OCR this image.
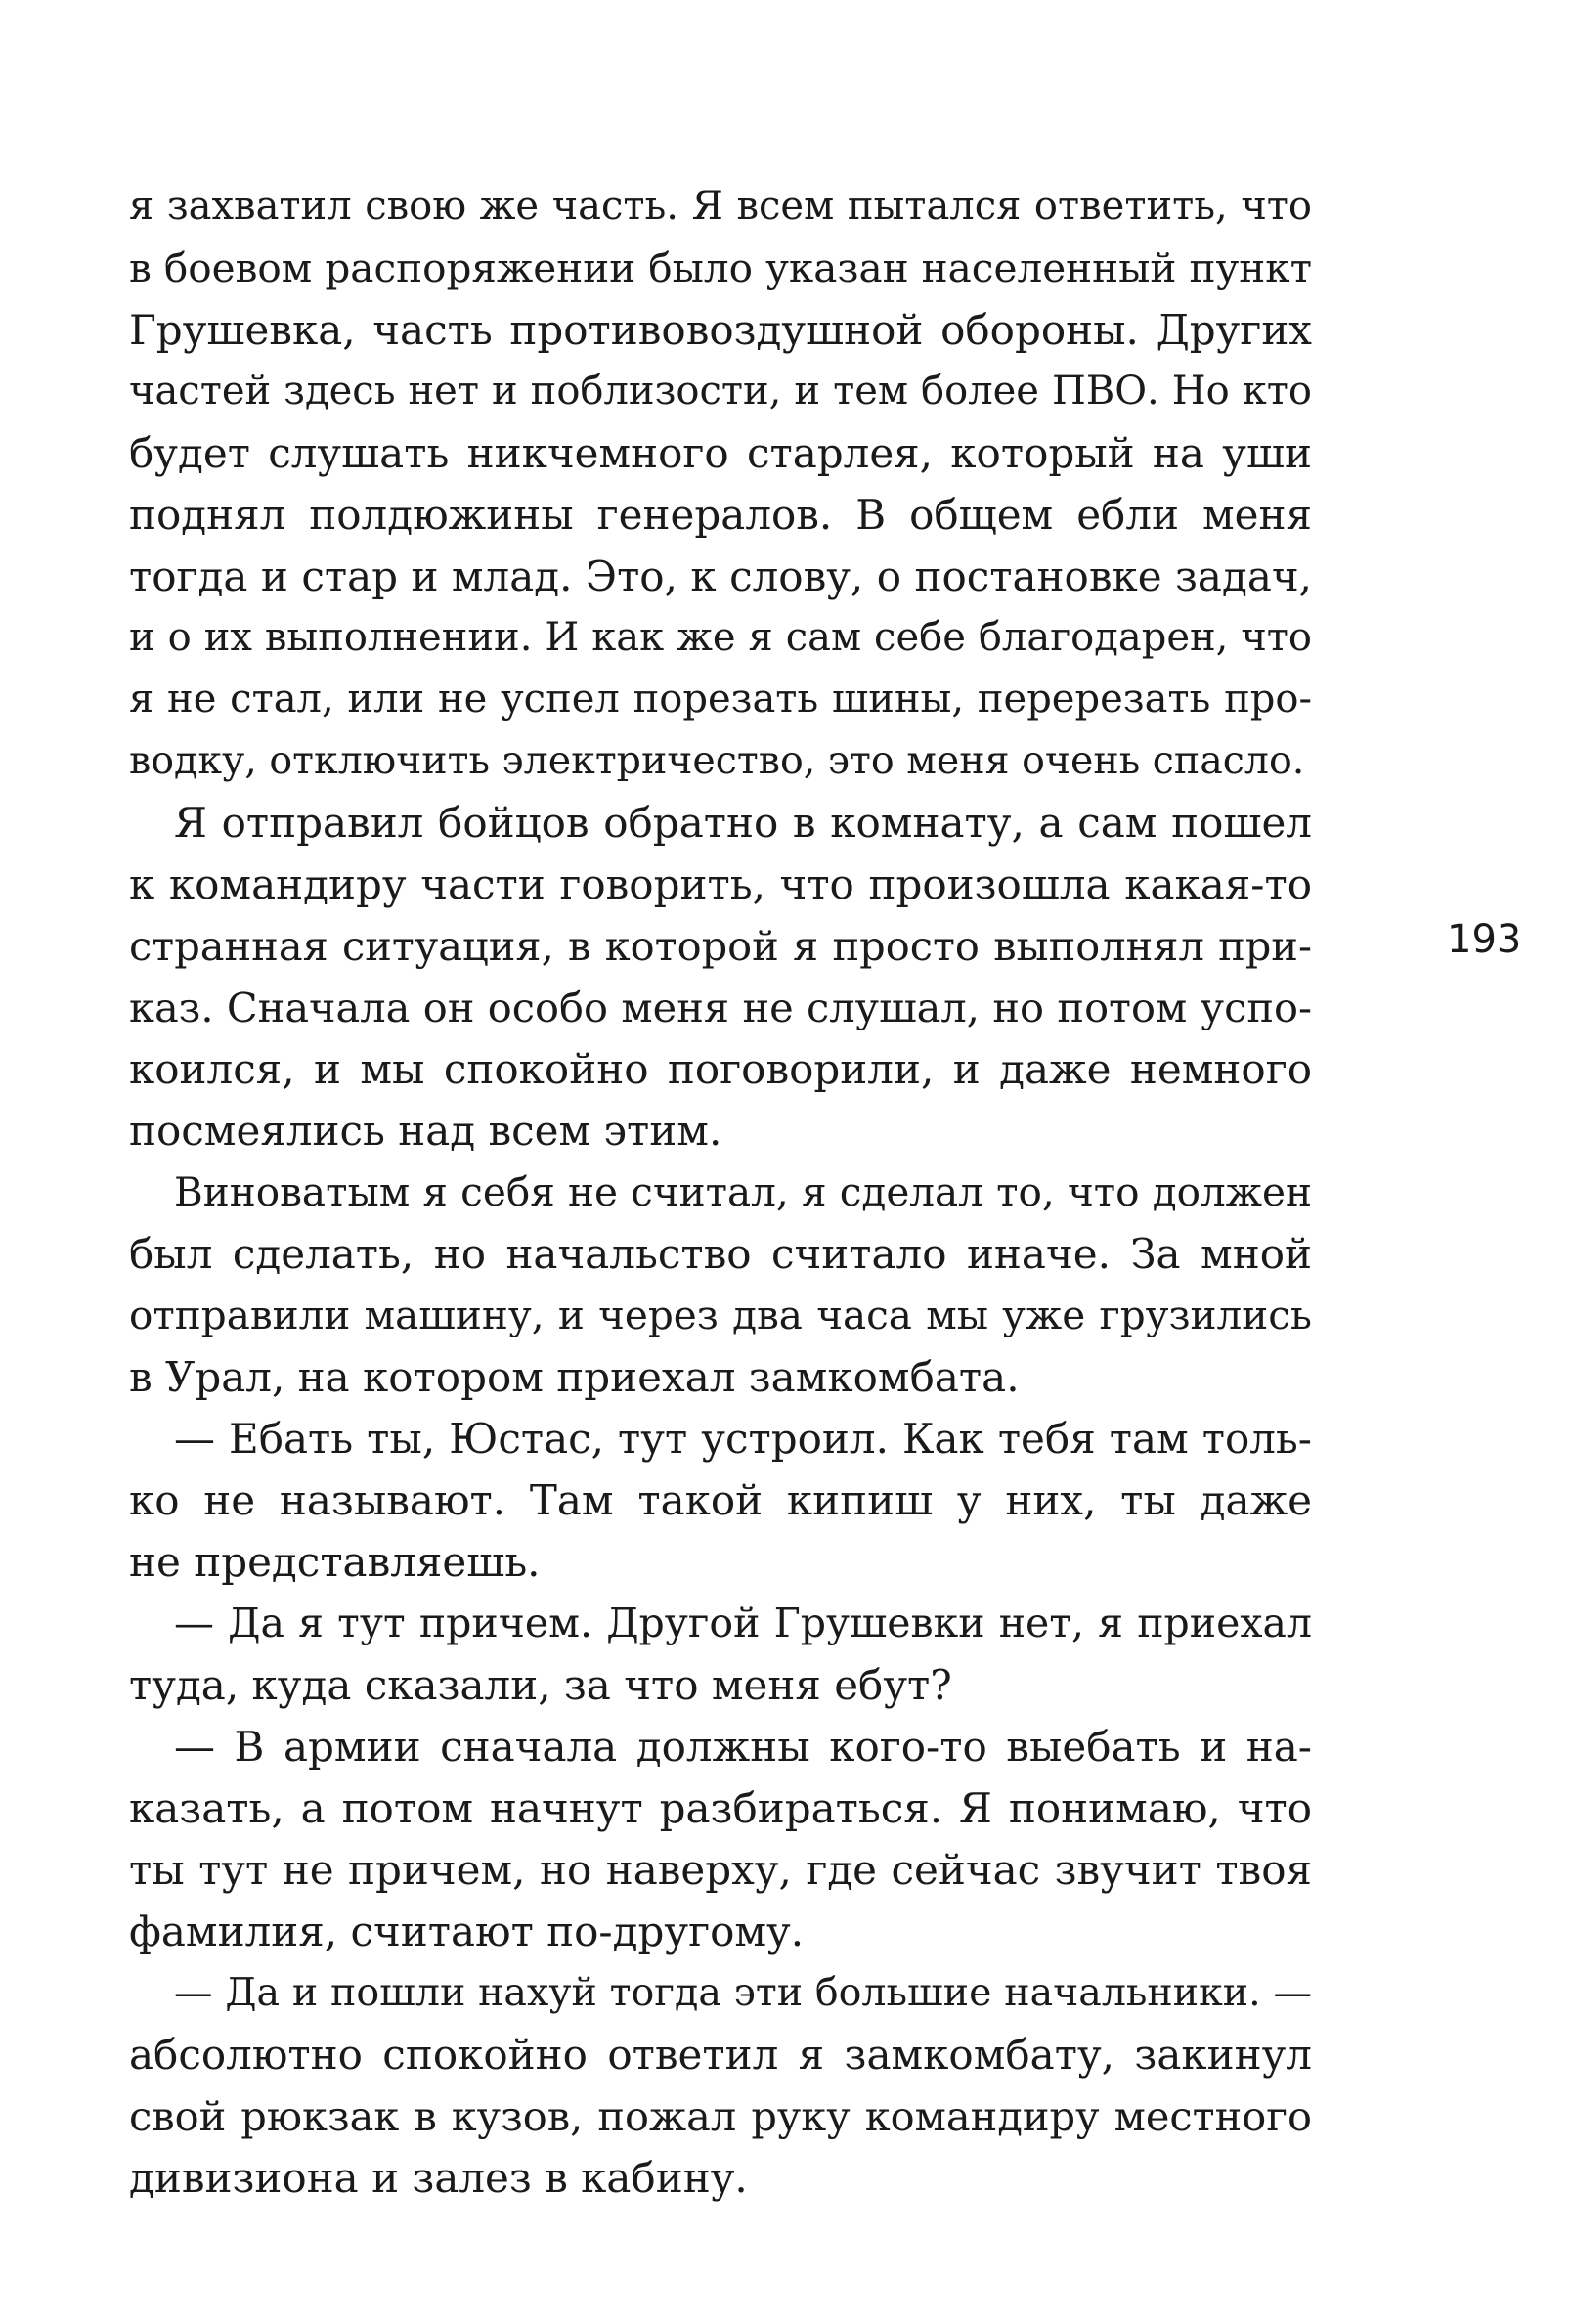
я захватил свою же часть. Я всем пытался ответить, что
в боевом распоряжении было указан населенный пункт
Грушевка, часть противовоздушной обороны. Других
частей здесь нет и поблизости, и тем более ПВО. Но кто
будет слушать никчемного старлея, который на уши
поднял полдюжины генералов. В общем ебли меня
тогда и стар и млад. Это, к слову, о постановке задач,
и о их выполнении. И как же я сам себе благодарен, что
я не стал, или не успел порезать шины, перерезать про-
водку, отключить электричество, это меня очень спасло.
Я отправил бойцов обратно в комнату, а сам пошел
к командиру части говорить, что произошла какая-то
странная ситуация, в которой я просто выполнял при-
каз. Сначала он особо меня не слушал, но потом успо-
коился, и мы спокойно поговорили, и даже немного
посмеялись над всем этим.
Виноватым я себя не считал, я сделал то, что должен
был сделать, но начальство считало иначе. За мной
отправили машину, и через два часа мы уже грузились
в Урал, на котором приехал замкомбата.
— Ебать ты, Юстас, тут устроил. Как тебя там толь-
ко не называют. Там такой кипиш у них, ты даже
не представляешь.
— Да я тут причем. Другой Грушевки нет, я приехал
туда, куда сказали, за что меня ебут?
— В армии сначала должны кого-то выебать и на-
казать, а потом начнут разбираться. Я понимаю, что
ты тут не причем, но наверху, где сейчас звучит твоя
фамилия, считают по-другому.
— Да и пошли нахуй тогда эти большие начальники. —
абсолютно спокойно ответил я замкомбату, закинул
свой рюкзак в кузов, пожал руку командиру местного
дивизиона и залез в кабину.
193
